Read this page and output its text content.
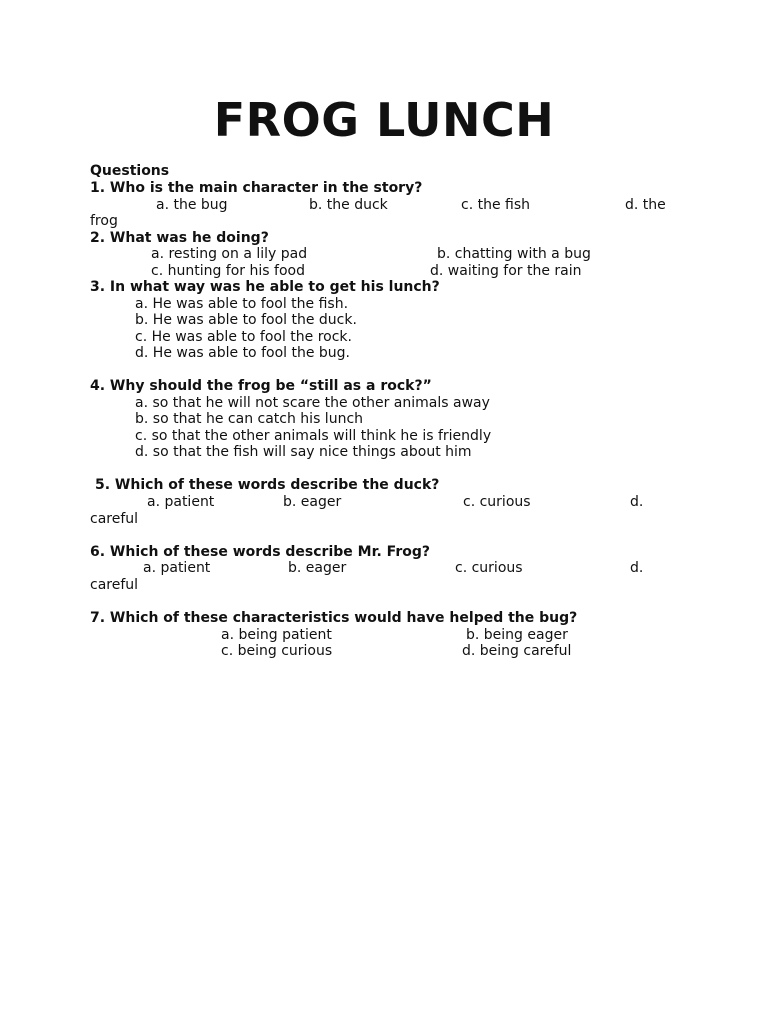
FROG LUNCH
Questions
1. Who is the main character in the story?
a. the bug	b. the duck	c. the fish	d. the
frog
2. What was he doing?
a. resting on a lily pad	b. chatting with a bug
c. hunting for his food	d. waiting for the rain
3. In what way was he able to get his lunch?
a. He was able to fool the fish.
b. He was able to fool the duck.
c. He was able to fool the rock.
d. He was able to fool the bug.
4. Why should the frog be “still as a rock?”
a. so that he will not scare the other animals away
b. so that he can catch his lunch
c. so that the other animals will think he is friendly
d. so that the fish will say nice things about him
5. Which of these words describe the duck?
a. patient	b. eager	c. curious	d.
careful
6. Which of these words describe Mr. Frog?
a. patient	b. eager	c. curious	d.
careful
7. Which of these characteristics would have helped the bug?
a. being patient	b. being eager
c. being curious	d. being careful
